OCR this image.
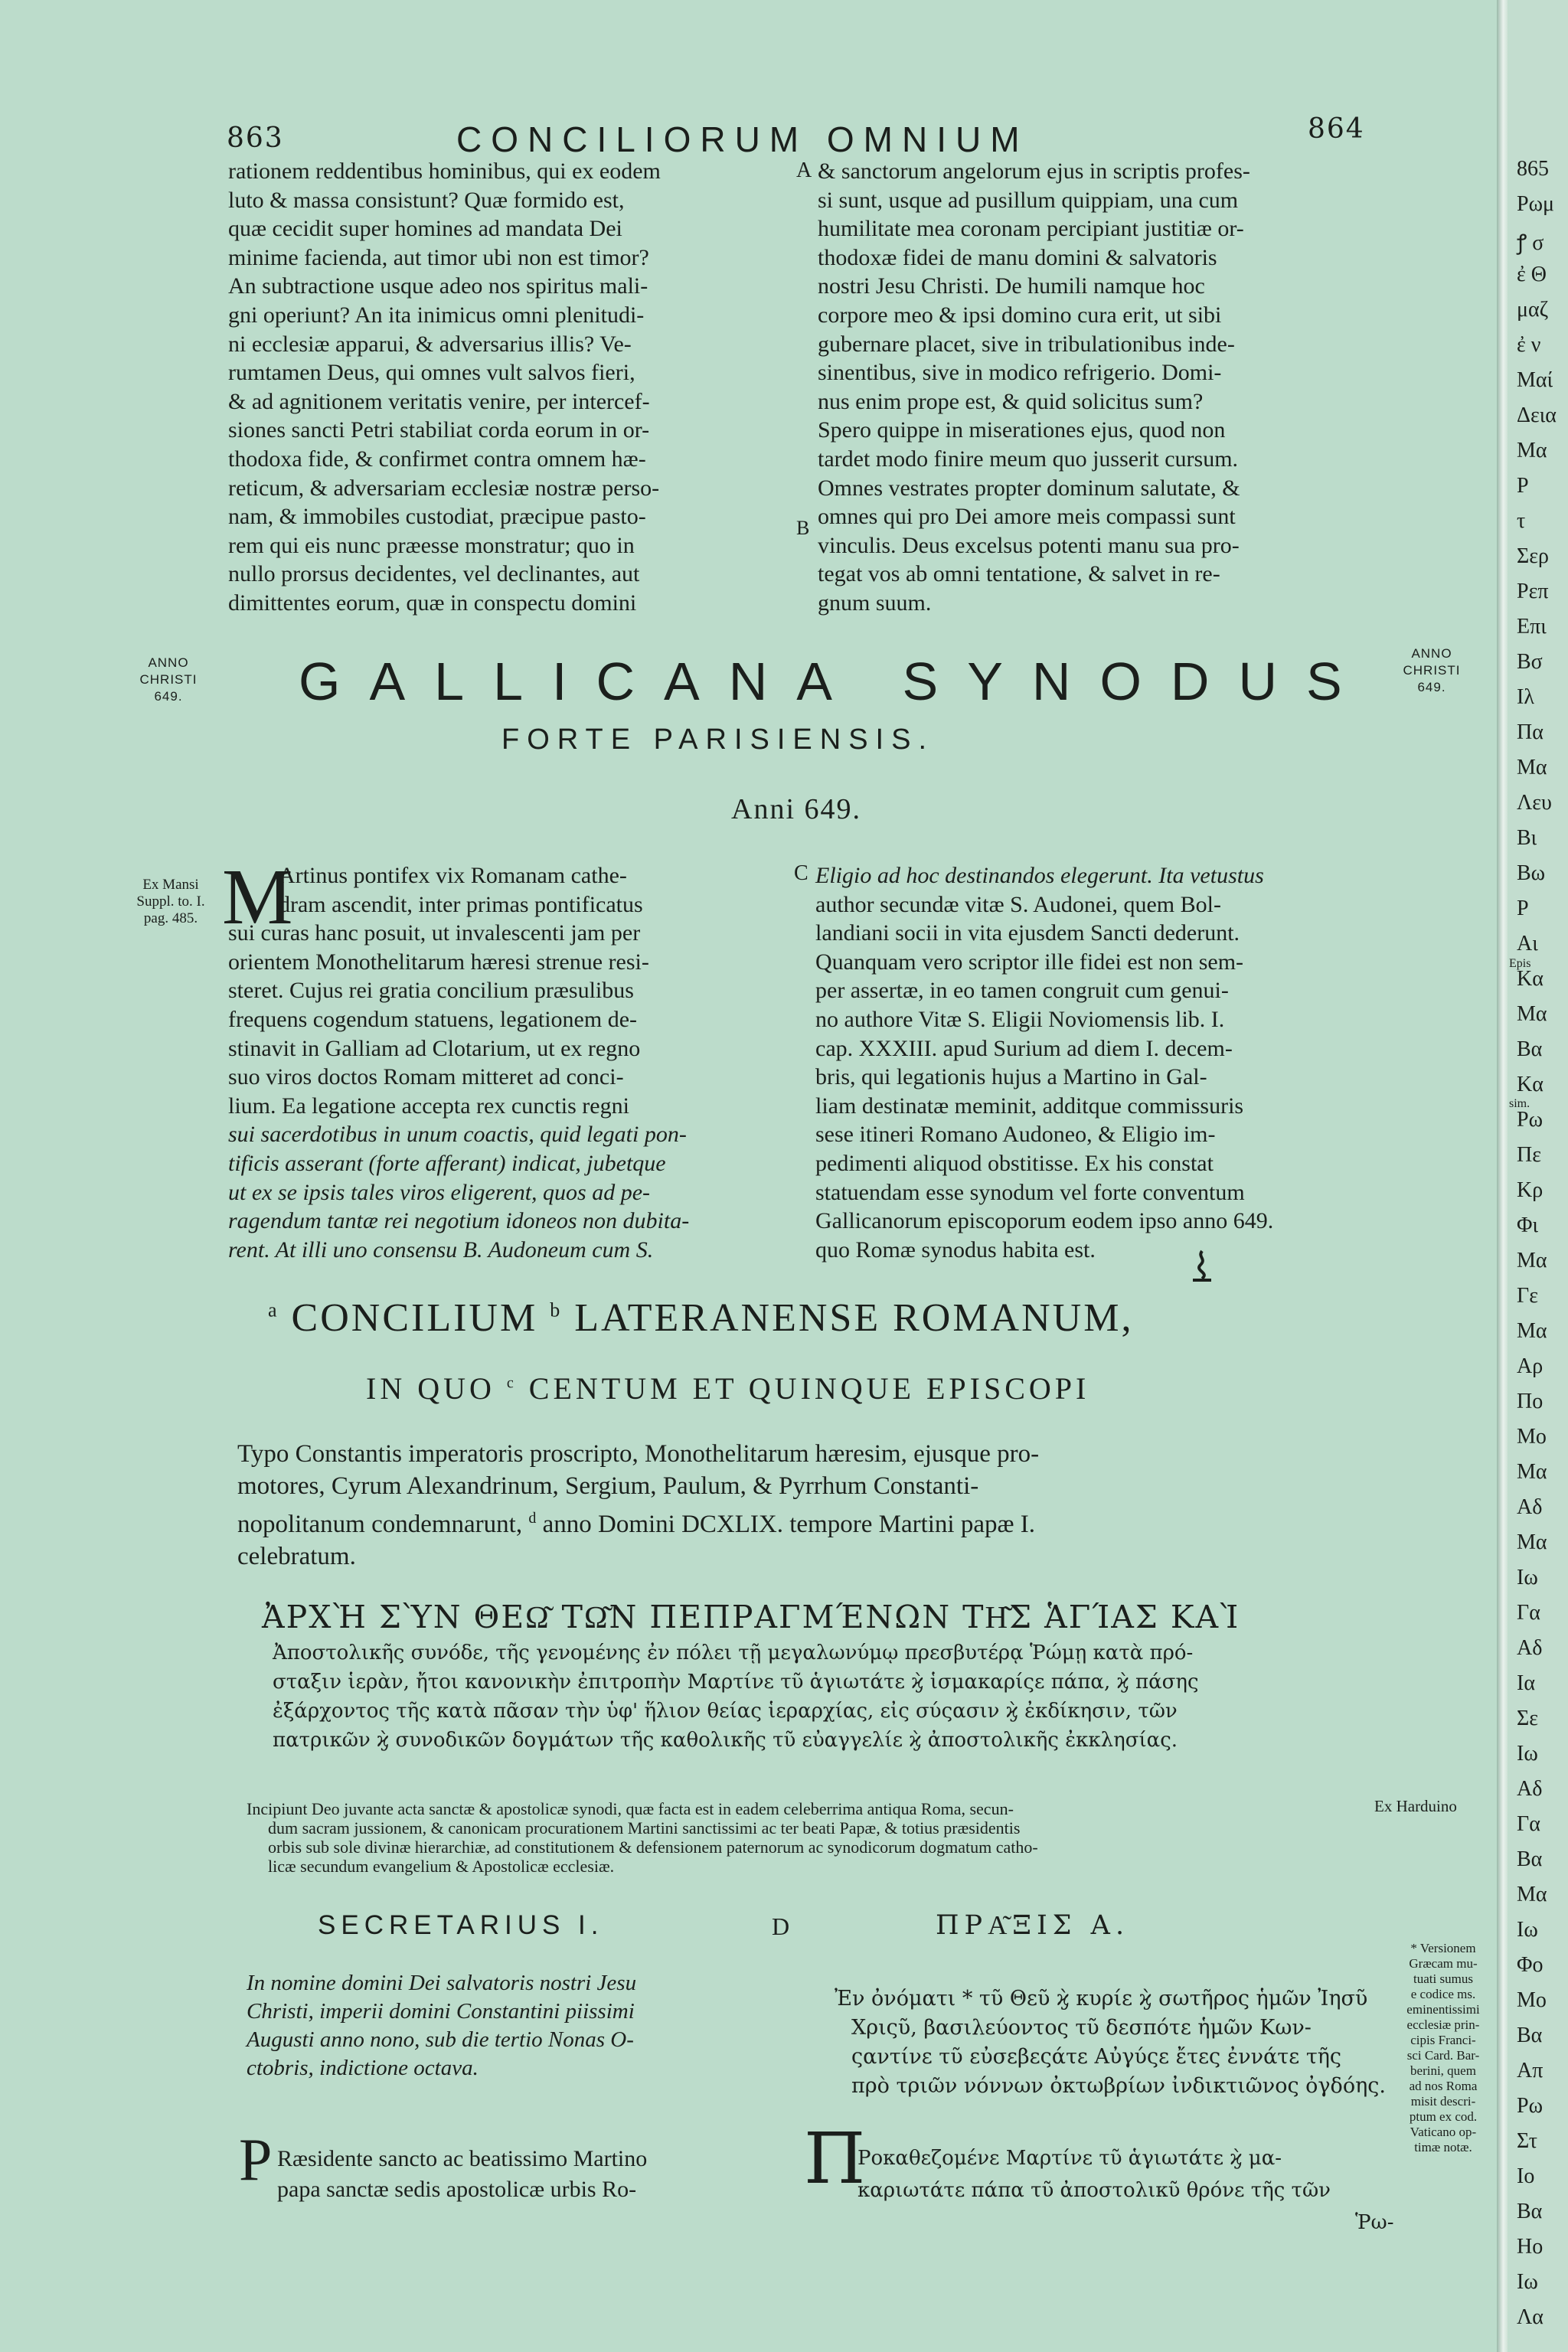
863	CONCILIORUM OMNIUM	864
rationem reddentibus hominibus, qui ex eodem
luto & massa consistunt? Quæ formido est,
quæ cecidit super homines ad mandata Dei
minime facienda, aut timor ubi non est timor?
An subtractione usque adeo nos spiritus mali-
gni operiunt? An ita inimicus omni plenitudi-
ni ecclesiæ apparui, & adversarius illis? Ve-
rumtamen Deus, qui omnes vult salvos fieri,
& ad agnitionem veritatis venire, per intercef-
siones sancti Petri stabiliat corda eorum in or-
thodoxa fide, & confirmet contra omnem hæ-
reticum, & adversariam ecclesiæ nostræ perso-
nam, & immobiles custodiat, præcipue pasto-
rem qui eis nunc præesse monstratur; quo in
nullo prorsus decidentes, vel declinantes, aut
dimittentes eorum, quæ in conspectu domini
A
B
& sanctorum angelorum ejus in scriptis profes-
si sunt, usque ad pusillum quippiam, una cum
humilitate mea coronam percipiant justitiæ or-
thodoxæ fidei de manu domini & salvatoris
nostri Jesu Christi. De humili namque hoc
corpore meo & ipsi domino cura erit, ut sibi
gubernare placet, sive in tribulationibus inde-
sinentibus, sive in modico refrigerio. Domi-
nus enim prope est, & quid solicitus sum?
Spero quippe in miserationes ejus, quod non
tardet modo finire meum quo jusserit cursum.
Omnes vestrates propter dominum salutate, &
omnes qui pro Dei amore meis compassi sunt
vinculis. Deus excelsus potenti manu sua pro-
tegat vos ab omni tentatione, & salvet in re-
gnum suum.
ANNO
CHRISTI
649.
ANNO
CHRISTI
649.
GALLICANA SYNODUS
FORTE PARISIENSIS.
Anni 649.
Ex Mansi
Suppl. to. I.
pag. 485. M
Artinus pontifex vix Romanam cathe-
dram ascendit, inter primas pontificatus
sui curas hanc posuit, ut invalescenti jam per
orientem Monothelitarum hæresi strenue resi-
steret. Cujus rei gratia concilium præsulibus
frequens cogendum statuens, legationem de-
stinavit in Galliam ad Clotarium, ut ex regno
suo viros doctos Romam mitteret ad conci-
lium. Ea legatione accepta rex cunctis regni
sui sacerdotibus in unum coactis, quid legati pon-
tificis asserant (forte afferant) indicat, jubetque
ut ex se ipsis tales viros eligerent, quos ad pe-
ragendum tantæ rei negotium idoneos non dubita-
rent. At illi uno consensu B. Audoneum cum S.
C Eligio ad hoc destinandos elegerunt. Ita vetustus
author secundæ vitæ S. Audonei, quem Bol-
landiani socii in vita ejusdem Sancti dederunt.
Quanquam vero scriptor ille fidei est non sem-
per assertæ, in eo tamen congruit cum genui-
no authore Vitæ S. Eligii Noviomensis lib. I.
cap. XXXIII. apud Surium ad diem I. decem-
bris, qui legationis hujus a Martino in Gal-
liam destinatæ meminit, additque commissuris
sese itineri Romano Audoneo, & Eligio im-
pedimenti aliquod obstitisse. Ex his constat
statuendam esse synodum vel forte conventum
Gallicanorum episcoporum eodem ipso anno 649.
quo Romæ synodus habita est.
$^a$ CONCILIUM $^b$ LATERANENSE ROMANUM,
IN QUO $^c$ CENTUM ET QUINQUE EPISCOPI
Typo Constantis imperatoris proscripto, Monothelitarum hæresim, ejusque pro-
motores, Cyrum Alexandrinum, Sergium, Paulum, & Pyrrhum Constanti-
nopolitanum condemnarunt, $^d$ anno Domini DCXLIX. tempore Martini papæ I.
celebratum.
ἈΡΧῊ ΣῪΝ ΘΕΩ͂ ΤΩ͂Ν ΠΕΠΡΑΓΜΈΝΩΝ ΤΗ͂Σ ἉΓΊΑΣ ΚΑῚ
Ἀποστολικῆς συνόδε, τῆς γενομένης ἐν πόλει τῇ μεγαλωνύμῳ πρεσβυτέρᾳ Ῥώμῃ κατὰ πρό-
σταξιν ἱερὰν, ἤτοι κανονικὴν ἐπιτροπὴν Μαρτίνε τῦ ἁγιωτάτε ϗ̀ ἱσμακαρίςε πάπα, ϗ̀ πάσης
ἐξάρχοντος τῆς κατὰ πᾶσαν τὴν ὑφ' ἥλιον θείας ἱεραρχίας, εἰς σύςασιν ϗ̀ ἐκδίκησιν, τῶν
πατρικῶν ϗ̀ συνοδικῶν δογμάτων τῆς καθολικῆς τῦ εὐαγγελίε ϗ̀ ἀποστολικῆς ἐκκλησίας.
Incipiunt Deo juvante acta sanctæ & apostolicæ synodi, quæ facta est in eadem celeberrima antiqua Roma, secun-
dum sacram jussionem, & canonicam procurationem Martini sanctissimi ac ter beati Papæ, & totius præsidentis
orbis sub sole divinæ hierarchiæ, ad constitutionem & defensionem paternorum ac synodicorum dogmatum catho-
licæ secundum evangelium & Apostolicæ ecclesiæ.
Ex Harduino
SECRETARIUS I.	D	ΠΡΑ͂ΞΙΣ Α.
In nomine domini Dei salvatoris nostri Jesu
Christi, imperii domini Constantini piissimi
Augusti anno nono, sub die tertio Nonas O-
ctobris, indictione octava.
Ἐν ὀνόματι * τῦ Θεῦ ϗ̀ κυρίε ϗ̀ σωτῆρος ἡμῶν Ἰησῦ
Χριςῦ, βασιλεύοντος τῦ δεσπότε ἡμῶν Κων-
ςαντίνε τῦ εὐσεβεςάτε Αὐγύςε ἔτες ἐννάτε τῆς
πρὸ τριῶν νόννων ὀκτωβρίων ἰνδικτιῶνος ὀγδόης.
* Versionem
Græcam mu-
tuati sumus
e codice ms.
eminentissimi
ecclesiæ prin-
cipis Franci-
sci Card. Bar-
berini, quem
ad nos Roma
misit descri-
ptum ex cod.
Vaticano op-
timæ notæ.
P Ræsidente sancto ac beatissimo Martino
papa sanctæ sedis apostolicæ urbis Ro-	Π
Ροκαθεζομένε Μαρτίνε τῦ ἁγιωτάτε ϗ̀ μα-
καριωτάτε πάπα τῦ ἀποστολικῦ θρόνε τῆς τῶν
Ῥω-
865
Pωμ
ꝭ σ
ἐ Θ
μαζ
ἐ ν
Μαί
Δεια
Μα
P
τ
Σερ
Ρεπ
Επι
Bσ
Ιλ
Πα
Μα
Λευ
Bι
Bω
P
Αι
Kα
Μα
Bα
Kα
Ρω
Πε
Kρ
Φι
Μα
Γε
Μα
Aρ
Πο
Μο
Μα
Aδ
Μα
Iω
Γα
Aδ
Iα
Σε
Iω
Aδ
Γα
Bα
Μα
Iω
Φο
Μο
Bα
Aπ
Pω
Στ
Io
Bα
Ηο
Iω
Λα
Epis
sim.
